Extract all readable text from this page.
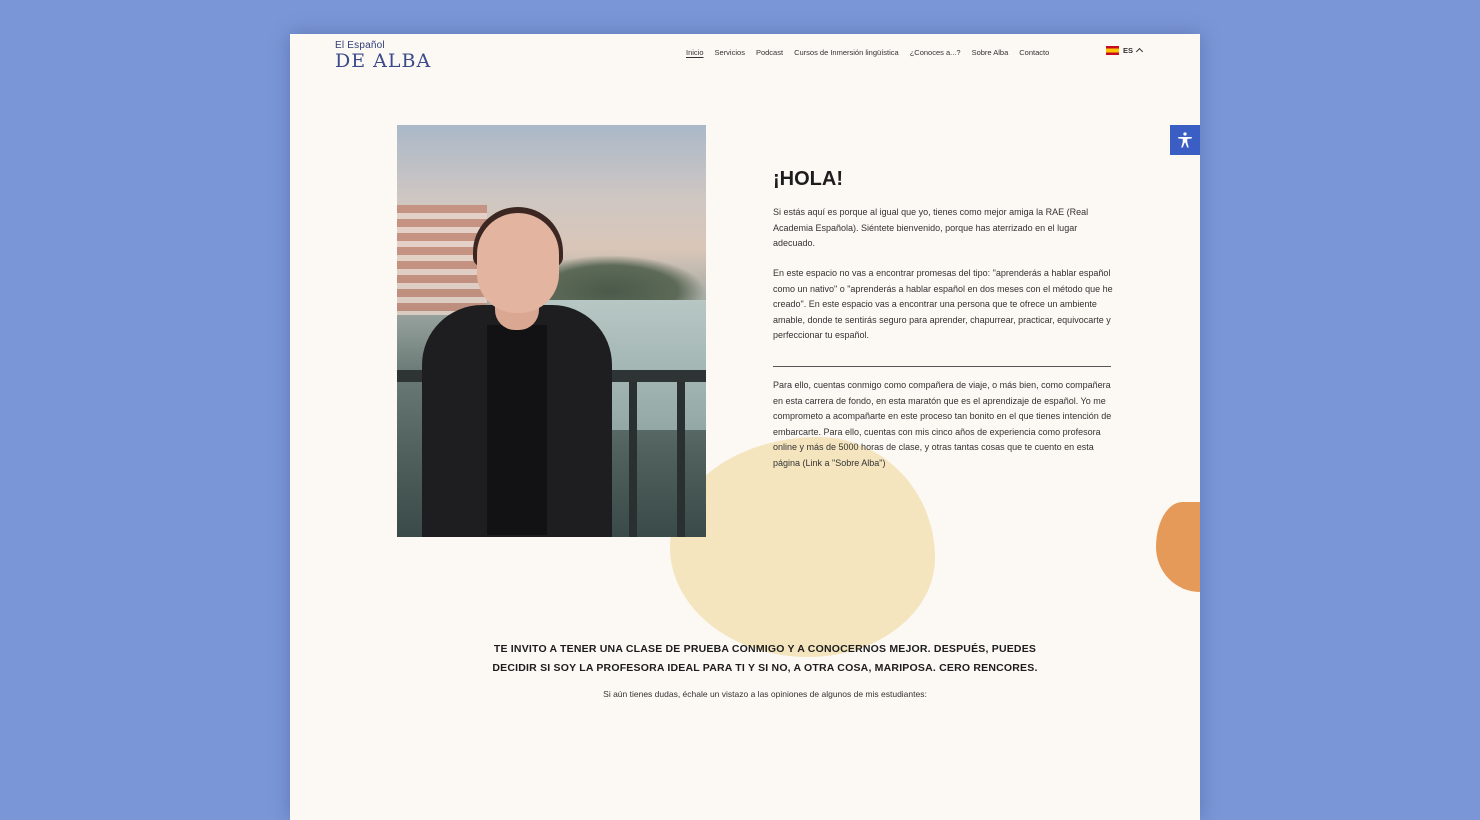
El Español
DE ALBA	Inicio Servicios Podcast Cursos de Inmersión lingüística ¿Conoces a...? Sobre Alba Contacto	ES
¡HOLA!

Si estás aquí es porque al igual que yo, tienes como mejor amiga la RAE (Real Academia Española). Siéntete bienvenido, porque has aterrizado en el lugar adecuado.

En este espacio no vas a encontrar promesas del tipo: "aprenderás a hablar español como un nativo" o "aprenderás a hablar español en dos meses con el método que he creado". En este espacio vas a encontrar una persona que te ofrece un ambiente amable, donde te sentirás seguro para aprender, chapurrear, practicar, equivocarte y perfeccionar tu español.

Para ello, cuentas conmigo como compañera de viaje, o más bien, como compañera en esta carrera de fondo, en esta maratón que es el aprendizaje de español. Yo me comprometo a acompañarte en este proceso tan bonito en el que tienes intención de embarcarte. Para ello, cuentas con mis cinco años de experiencia como profesora online y más de 5000 horas de clase, y otras tantas cosas que te cuento en esta página (Link a "Sobre Alba")

TE INVITO A TENER UNA CLASE DE PRUEBA CONMIGO Y A CONOCERNOS MEJOR. DESPUÉS, PUEDES
DECIDIR SI SOY LA PROFESORA IDEAL PARA TI Y SI NO, A OTRA COSA, MARIPOSA. CERO RENCORES.

Si aún tienes dudas, échale un vistazo a las opiniones de algunos de mis estudiantes:
